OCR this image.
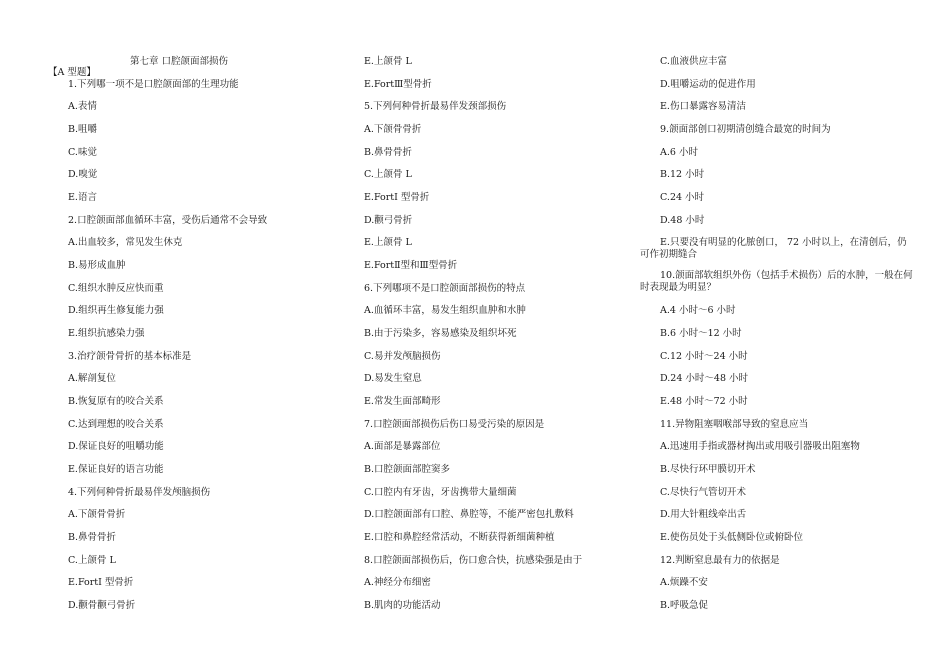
第七章 口腔颌面部损伤
【A 型题】
1.下列哪一项不是口腔颌面部的生理功能
A.表情
B.咀嚼
C.味觉
D.嗅觉
E.语言
2.口腔颌面部血循环丰富，受伤后通常不会导致
A.出血较多，常见发生休克
B.易形成血肿
C.组织水肿反应快而重
D.组织再生修复能力强
E.组织抗感染力强
3.治疗颌骨骨折的基本标准是
A.解剖复位
B.恢复原有的咬合关系
C.达到理想的咬合关系
D.保证良好的咀嚼功能
E.保证良好的语言功能
4.下列何种骨折最易伴发颅脑损伤
A.下颌骨骨折
B.鼻骨骨折
C.上颌骨 L
E.FortⅠ 型骨折
D.颧骨颧弓骨折
E.上颌骨 L
E.FortⅢ型骨折
5.下列何种骨折最易伴发颈部损伤
A.下颌骨骨折
B.鼻骨骨折
C.上颌骨 L
E.FortⅠ 型骨折
D.颧弓骨折
E.上颌骨 L
E.FortⅡ型和Ⅲ型骨折
6.下列哪项不是口腔颌面部损伤的特点
A.血循环丰富，易发生组织血肿和水肿
B.由于污染多，容易感染及组织坏死
C.易并发颅脑损伤
D.易发生窒息
E.常发生面部畸形
7.口腔颌面部损伤后伤口易受污染的原因是
A.面部是暴露部位
B.口腔颌面部腔窦多
C.口腔内有牙齿，牙齿携带大量细菌
D.口腔颌面部有口腔、鼻腔等，不能严密包扎敷料
E.口腔和鼻腔经常活动，不断获得新细菌种植
8.口腔颌面部损伤后，伤口愈合快，抗感染强是由于
A.神经分布细密
B.肌肉的功能活动
C.血液供应丰富
D.咀嚼运动的促进作用
E.伤口暴露容易清洁
9.颌面部创口初期清创缝合最宽的时间为
A.6 小时
B.12 小时
C.24 小时
D.48 小时
E.只要没有明显的化脓创口， 72 小时以上，在清创后，仍可作初期缝合
10.颌面部软组织外伤（包括手术损伤）后的水肿，一般在何时表现最为明显？
A.4 小时～6 小时
B.6 小时～12 小时
C.12 小时～24 小时
D.24 小时～48 小时
E.48 小时～72 小时
11.异物阻塞咽喉部导致的窒息应当
A.迅速用手指或器材掏出或用吸引器吸出阻塞物
B.尽快行环甲膜切开术
C.尽快行气管切开术
D.用大针粗线牵出舌
E.使伤员处于头低侧卧位或俯卧位
12.判断窒息最有力的依据是
A.烦躁不安
B.呼吸急促
